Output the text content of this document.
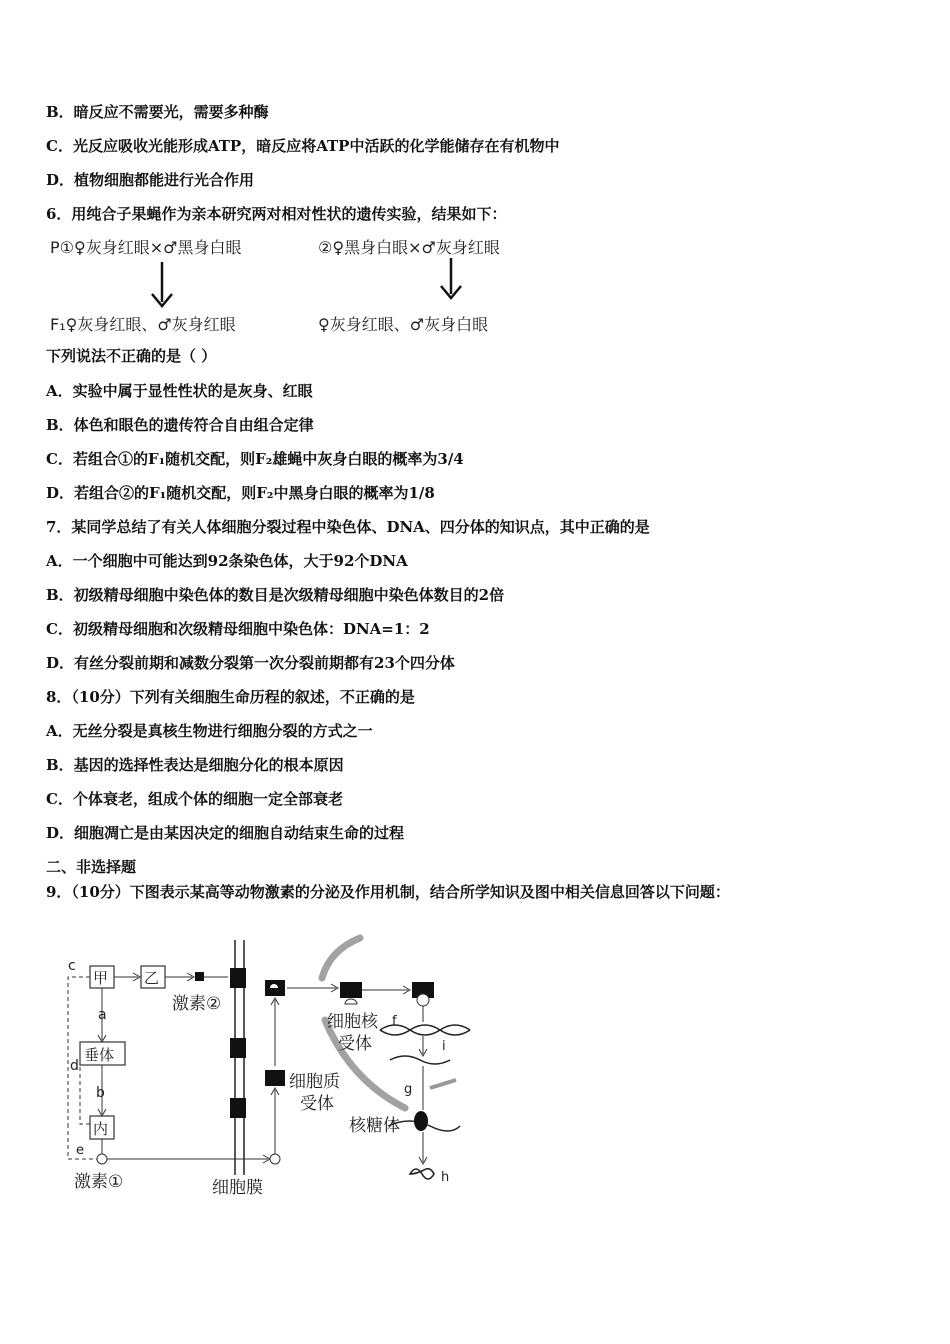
B．暗反应不需要光，需要多种酶
C．光反应吸收光能形成ATP，暗反应将ATP中活跃的化学能储存在有机物中
D．植物细胞都能进行光合作用
6．用纯合子果蝇作为亲本研究两对相对性状的遗传实验，结果如下：
P①♀灰身红眼×♂黑身白眼	②♀黑身白眼×♂灰身红眼
F₁♀灰身红眼、♂灰身红眼	♀灰身红眼、♂灰身白眼
下列说法不正确的是（ ）
A．实验中属于显性性状的是灰身、红眼
B．体色和眼色的遗传符合自由组合定律
C．若组合①的F₁随机交配，则F₂雄蝇中灰身白眼的概率为3/4
D．若组合②的F₁随机交配，则F₂中黑身白眼的概率为1/8
7．某同学总结了有关人体细胞分裂过程中染色体、DNA、四分体的知识点，其中正确的是
A．一个细胞中可能达到92条染色体，大于92个DNA
B．初级精母细胞中染色体的数目是次级精母细胞中染色体数目的2倍
C．初级精母细胞和次级精母细胞中染色体：DNA=1：2
D．有丝分裂前期和减数分裂第一次分裂前期都有23个四分体
8．（10分）下列有关细胞生命历程的叙述，不正确的是
A．无丝分裂是真核生物进行细胞分裂的方式之一
B．基因的选择性表达是细胞分化的根本原因
C．个体衰老，组成个体的细胞一定全部衰老
D．细胞凋亡是由某因决定的细胞自动结束生命的过程
二、非选择题
9．（10分）下图表示某高等动物激素的分泌及作用机制，结合所学知识及图中相关信息回答以下问题：
c
甲 乙
激素②
a
垂体
d
b
内
e
激素①	细胞膜
细胞质
受体
细胞核
受体
f
i
g
核糖体
h
